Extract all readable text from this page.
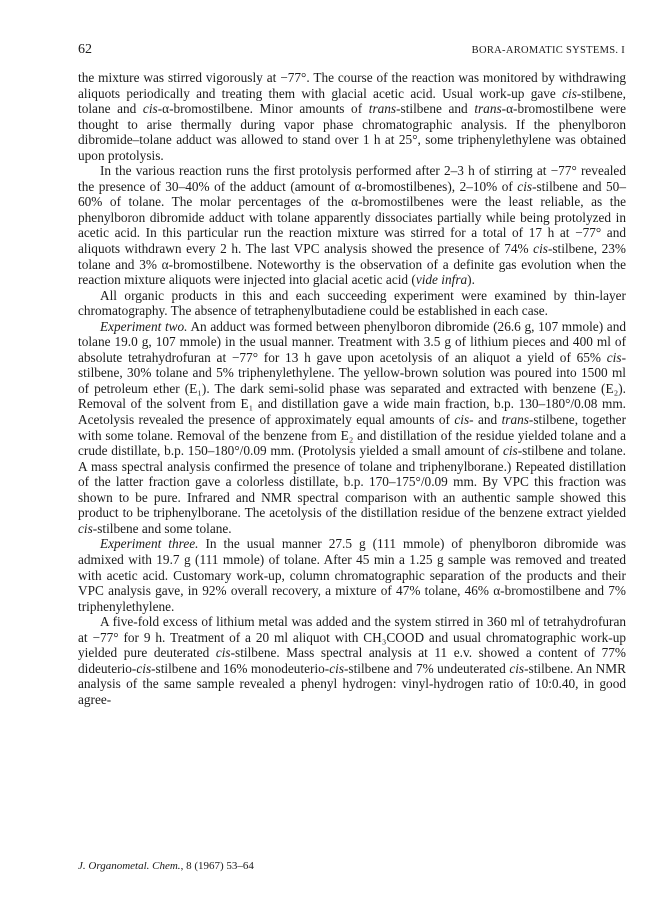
62	BORA-AROMATIC SYSTEMS. I

the mixture was stirred vigorously at −77°. The course of the reaction was monitored by withdrawing aliquots periodically and treating them with glacial acetic acid. Usual work-up gave cis-stilbene, tolane and cis-α-bromostilbene. Minor amounts of trans-stilbene and trans-α-bromostilbene were thought to arise thermally during vapor phase chromatographic analysis. If the phenylboron dibromide–tolane adduct was allowed to stand over 1 h at 25°, some triphenylethylene was obtained upon protolysis.

In the various reaction runs the first protolysis performed after 2–3 h of stirring at −77° revealed the presence of 30–40% of the adduct (amount of α-bromostilbenes), 2–10% of cis-stilbene and 50–60% of tolane. The molar percentages of the α-bromostilbenes were the least reliable, as the phenylboron dibromide adduct with tolane apparently dissociates partially while being protolyzed in acetic acid. In this particular run the reaction mixture was stirred for a total of 17 h at −77° and aliquots withdrawn every 2 h. The last VPC analysis showed the presence of 74% cis-stilbene, 23% tolane and 3% α-bromostilbene. Noteworthy is the observation of a definite gas evolution when the reaction mixture aliquots were injected into glacial acetic acid (vide infra).

All organic products in this and each succeeding experiment were examined by thin-layer chromatography. The absence of tetraphenylbutadiene could be established in each case.

Experiment two. An adduct was formed between phenylboron dibromide (26.6 g, 107 mmole) and tolane 19.0 g, 107 mmole) in the usual manner. Treatment with 3.5 g of lithium pieces and 400 ml of absolute tetrahydrofuran at −77° for 13 h gave upon acetolysis of an aliquot a yield of 65% cis-stilbene, 30% tolane and 5% triphenylethylene. The yellow-brown solution was poured into 1500 ml of petroleum ether (E₁). The dark semi-solid phase was separated and extracted with benzene (E₂). Removal of the solvent from E₁ and distillation gave a wide main fraction, b.p. 130–180°/0.08 mm. Acetolysis revealed the presence of approximately equal amounts of cis- and trans-stilbene, together with some tolane. Removal of the benzene from E₂ and distillation of the residue yielded tolane and a crude distillate, b.p. 150–180°/0.09 mm. (Protolysis yielded a small amount of cis-stilbene and tolane. A mass spectral analysis confirmed the presence of tolane and triphenylborane.) Repeated distillation of the latter fraction gave a colorless distillate, b.p. 170–175°/0.09 mm. By VPC this fraction was shown to be pure. Infrared and NMR spectral comparison with an authentic sample showed this product to be triphenylborane. The acetolysis of the distillation residue of the benzene extract yielded cis-stilbene and some tolane.

Experiment three. In the usual manner 27.5 g (111 mmole) of phenylboron dibromide was admixed with 19.7 g (111 mmole) of tolane. After 45 min a 1.25 g sample was removed and treated with acetic acid. Customary work-up, column chromatographic separation of the products and their VPC analysis gave, in 92% overall recovery, a mixture of 47% tolane, 46% α-bromostilbene and 7% triphenylethylene.

A five-fold excess of lithium metal was added and the system stirred in 360 ml of tetrahydrofuran at −77° for 9 h. Treatment of a 20 ml aliquot with CH₃COOD and usual chromatographic work-up yielded pure deuterated cis-stilbene. Mass spectral analysis at 11 e.v. showed a content of 77% dideuterio-cis-stilbene and 16% monodeuterio-cis-stilbene and 7% undeuterated cis-stilbene. An NMR analysis of the same sample revealed a phenyl hydrogen: vinyl-hydrogen ratio of 10:0.40, in good agree-

J. Organometal. Chem., 8 (1967) 53–64
